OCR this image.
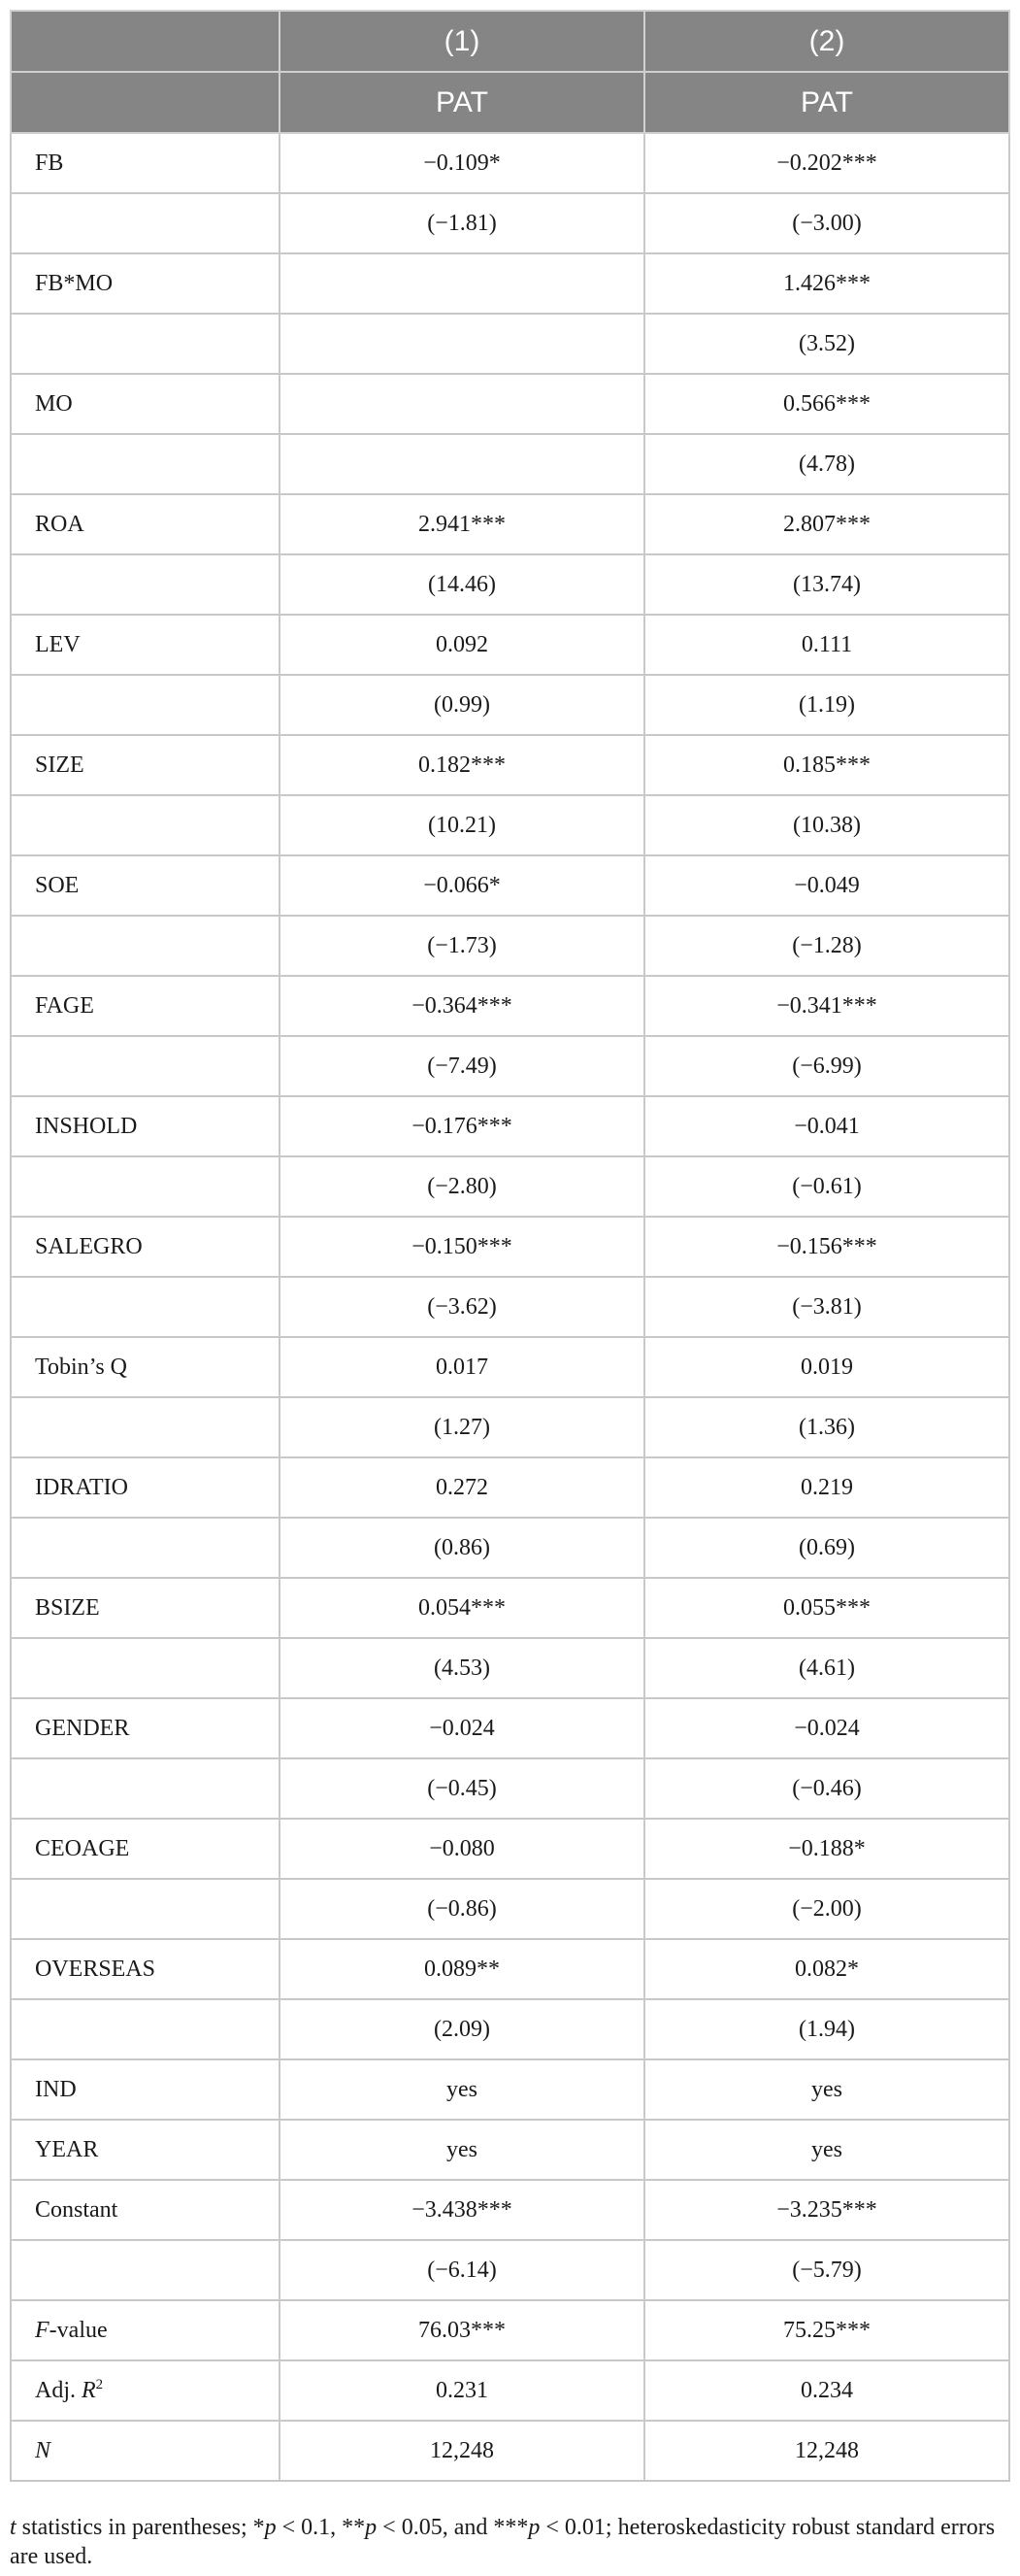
	(1)	(2)
	PAT	PAT
FB	−0.109*	−0.202***
	(−1.81)	(−3.00)
FB*MO		1.426***
		(3.52)
MO		0.566***
		(4.78)
ROA	2.941***	2.807***
	(14.46)	(13.74)
LEV	0.092	0.111
	(0.99)	(1.19)
SIZE	0.182***	0.185***
	(10.21)	(10.38)
SOE	−0.066*	−0.049
	(−1.73)	(−1.28)
FAGE	−0.364***	−0.341***
	(−7.49)	(−6.99)
INSHOLD	−0.176***	−0.041
	(−2.80)	(−0.61)
SALEGRO	−0.150***	−0.156***
	(−3.62)	(−3.81)
Tobin’s Q	0.017	0.019
	(1.27)	(1.36)
IDRATIO	0.272	0.219
	(0.86)	(0.69)
BSIZE	0.054***	0.055***
	(4.53)	(4.61)
GENDER	−0.024	−0.024
	(−0.45)	(−0.46)
CEOAGE	−0.080	−0.188*
	(−0.86)	(−2.00)
OVERSEAS	0.089**	0.082*
	(2.09)	(1.94)
IND	yes	yes
YEAR	yes	yes
Constant	−3.438***	−3.235***
	(−6.14)	(−5.79)
F-value	76.03***	75.25***
Adj. $R^2$	0.231	0.234
N	12,248	12,248
t statistics in parentheses; *p < 0.1, **p < 0.05, and ***p < 0.01; heteroskedasticity robust standard errors are used.
